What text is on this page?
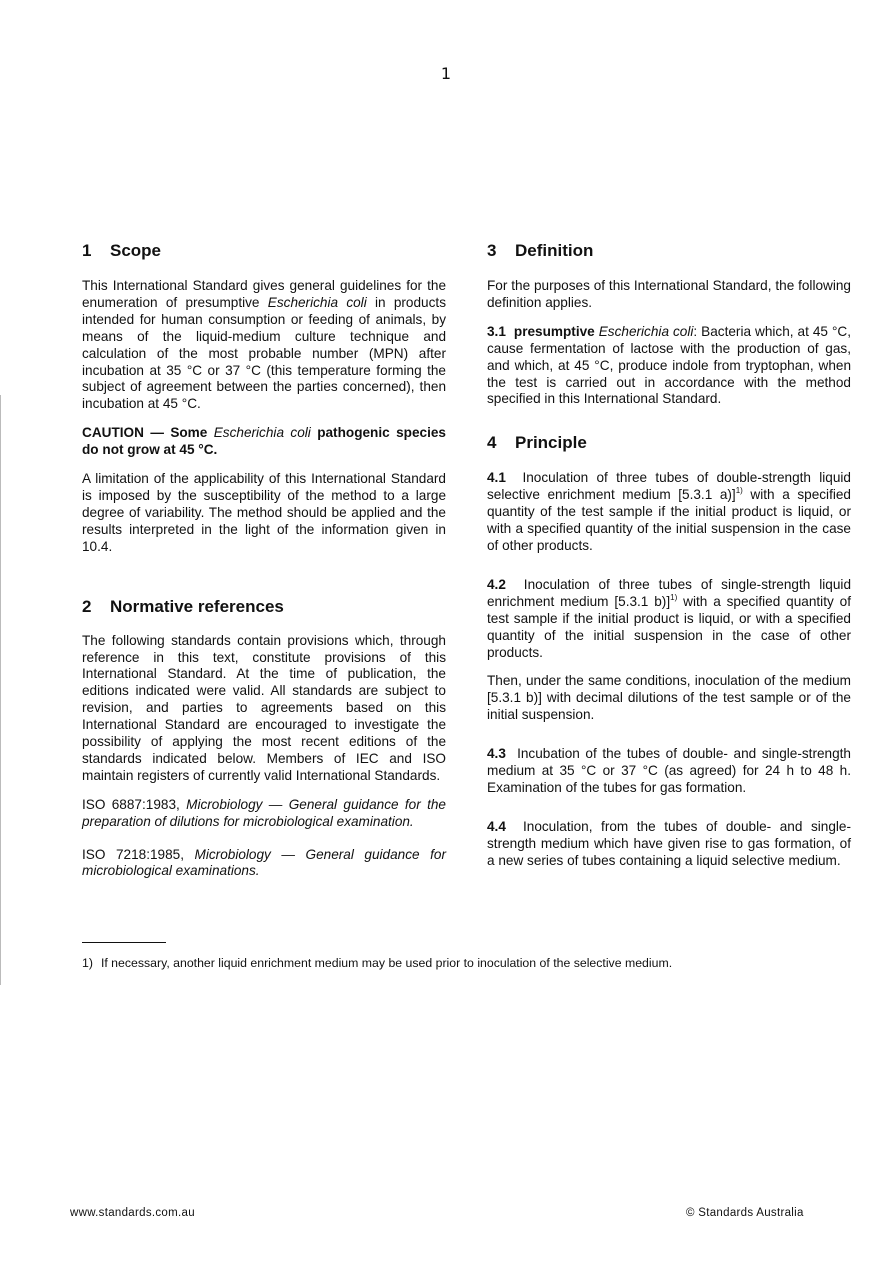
1
1 Scope

This International Standard gives general guidelines for the enumeration of presumptive Escherichia coli in products intended for human consumption or feeding of animals, by means of the liquid-medium culture technique and calculation of the most probable number (MPN) after incubation at 35 °C or 37 °C (this temperature forming the subject of agreement between the parties concerned), then incubation at 45 °C.

CAUTION — Some Escherichia coli pathogenic species do not grow at 45 °C.

A limitation of the applicability of this International Standard is imposed by the susceptibility of the method to a large degree of variability. The method should be applied and the results interpreted in the light of the information given in 10.4.

2 Normative references

The following standards contain provisions which, through reference in this text, constitute provisions of this International Standard. At the time of publication, the editions indicated were valid. All standards are subject to revision, and parties to agreements based on this International Standard are encouraged to investigate the possibility of applying the most recent editions of the standards indicated below. Members of IEC and ISO maintain registers of currently valid International Standards.

ISO 6887:1983, Microbiology — General guidance for the preparation of dilutions for microbiological examination.

ISO 7218:1985, Microbiology — General guidance for microbiological examinations.

3 Definition

For the purposes of this International Standard, the following definition applies.

3.1 presumptive Escherichia coli: Bacteria which, at 45 °C, cause fermentation of lactose with the production of gas, and which, at 45 °C, produce indole from tryptophan, when the test is carried out in accordance with the method specified in this International Standard.

4 Principle

4.1 Inoculation of three tubes of double-strength liquid selective enrichment medium [5.3.1 a)]$^{1)}$ with a specified quantity of the test sample if the initial product is liquid, or with a specified quantity of the initial suspension in the case of other products.

4.2 Inoculation of three tubes of single-strength liquid enrichment medium [5.3.1 b)]$^{1)}$ with a specified quantity of test sample if the initial product is liquid, or with a specified quantity of the initial suspension in the case of other products.

Then, under the same conditions, inoculation of the medium [5.3.1 b)] with decimal dilutions of the test sample or of the initial suspension.

4.3 Incubation of the tubes of double- and single-strength medium at 35 °C or 37 °C (as agreed) for 24 h to 48 h. Examination of the tubes for gas formation.

4.4 Inoculation, from the tubes of double- and single-strength medium which have given rise to gas formation, of a new series of tubes containing a liquid selective medium.

1) If necessary, another liquid enrichment medium may be used prior to inoculation of the selective medium.
www.standards.com.au	© Standards Australia
